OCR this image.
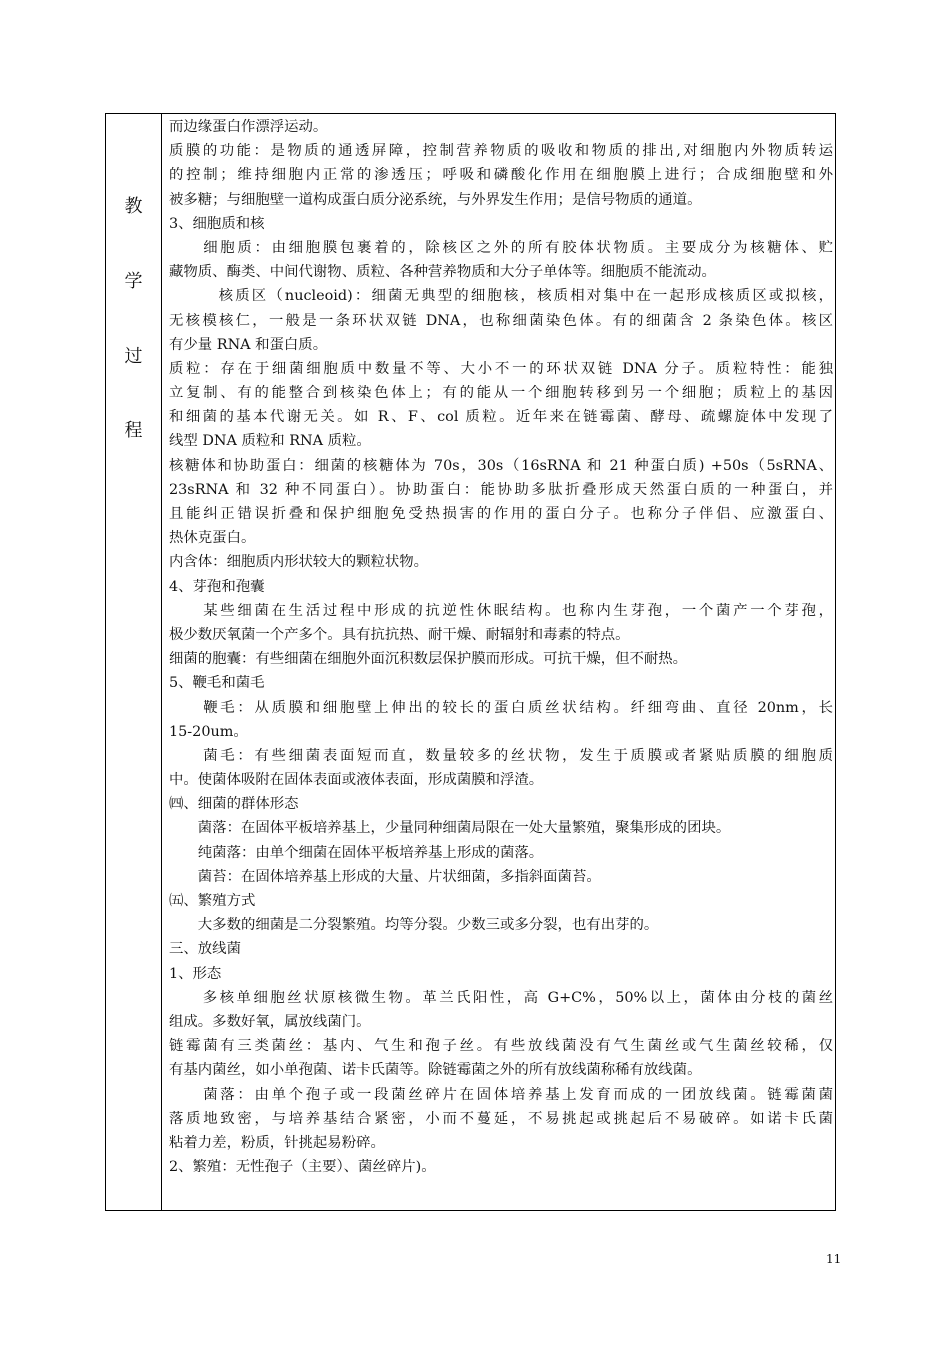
教
学
过
程
而边缘蛋白作漂浮运动。
质膜的功能：是物质的通透屏障，控制营养物质的吸收和物质的排出,对细胞内外物质转运
的控制；维持细胞内正常的渗透压；呼吸和磷酸化作用在细胞膜上进行；合成细胞壁和外
被多糖；与细胞壁一道构成蛋白质分泌系统，与外界发生作用；是信号物质的通道。
3、细胞质和核
　　细胞质：由细胞膜包裹着的，除核区之外的所有胶体状物质。主要成分为核糖体、贮
藏物质、酶类、中间代谢物、质粒、各种营养物质和大分子单体等。细胞质不能流动。
　　　核质区（nucleoid)：细菌无典型的细胞核，核质相对集中在一起形成核质区或拟核，
无核模核仁，一般是一条环状双链 DNA，也称细菌染色体。有的细菌含 2 条染色体。核区
有少量 RNA 和蛋白质。
质粒：存在于细菌细胞质中数量不等、大小不一的环状双链 DNA 分子。质粒特性：能独
立复制、有的能整合到核染色体上；有的能从一个细胞转移到另一个细胞；质粒上的基因
和细菌的基本代谢无关。如 R、F、col 质粒。近年来在链霉菌、酵母、疏螺旋体中发现了
线型 DNA 质粒和 RNA 质粒。
核糖体和协助蛋白：细菌的核糖体为 70s，30s（16sRNA 和 21 种蛋白质) +50s（5sRNA、
23sRNA 和 32 种不同蛋白）。协助蛋白：能协助多肽折叠形成天然蛋白质的一种蛋白，并
且能纠正错误折叠和保护细胞免受热损害的作用的蛋白分子。也称分子伴侣、应激蛋白、
热休克蛋白。
内含体：细胞质内形状较大的颗粒状物。
4、芽孢和孢囊
　　某些细菌在生活过程中形成的抗逆性休眠结构。也称内生芽孢，一个菌产一个芽孢，
极少数厌氧菌一个产多个。具有抗抗热、耐干燥、耐辐射和毒素的特点。
细菌的胞囊：有些细菌在细胞外面沉积数层保护膜而形成。可抗干燥，但不耐热。
5、鞭毛和菌毛
　　鞭毛：从质膜和细胞壁上伸出的较长的蛋白质丝状结构。纤细弯曲、直径 20nm，长
15-20um。
　　菌毛：有些细菌表面短而直，数量较多的丝状物，发生于质膜或者紧贴质膜的细胞质
中。使菌体吸附在固体表面或液体表面，形成菌膜和浮渣。
㈣、细菌的群体形态
　　菌落：在固体平板培养基上，少量同种细菌局限在一处大量繁殖，聚集形成的团块。
　　纯菌落：由单个细菌在固体平板培养基上形成的菌落。
　　菌苔：在固体培养基上形成的大量、片状细菌，多指斜面菌苔。
㈤、繁殖方式
　　大多数的细菌是二分裂繁殖。均等分裂。少数三或多分裂，也有出芽的。
三、放线菌
1、形态
　　多核单细胞丝状原核微生物。革兰氏阳性，高 G+C%，50%以上，菌体由分枝的菌丝
组成。多数好氧，属放线菌门。
链霉菌有三类菌丝：基内、气生和孢子丝。有些放线菌没有气生菌丝或气生菌丝较稀，仅
有基内菌丝，如小单孢菌、诺卡氏菌等。除链霉菌之外的所有放线菌称稀有放线菌。
　　菌落：由单个孢子或一段菌丝碎片在固体培养基上发育而成的一团放线菌。链霉菌菌
落质地致密，与培养基结合紧密，小而不蔓延，不易挑起或挑起后不易破碎。如诺卡氏菌
粘着力差，粉质，针挑起易粉碎。
2、繁殖：无性孢子（主要）、菌丝碎片)。
11
